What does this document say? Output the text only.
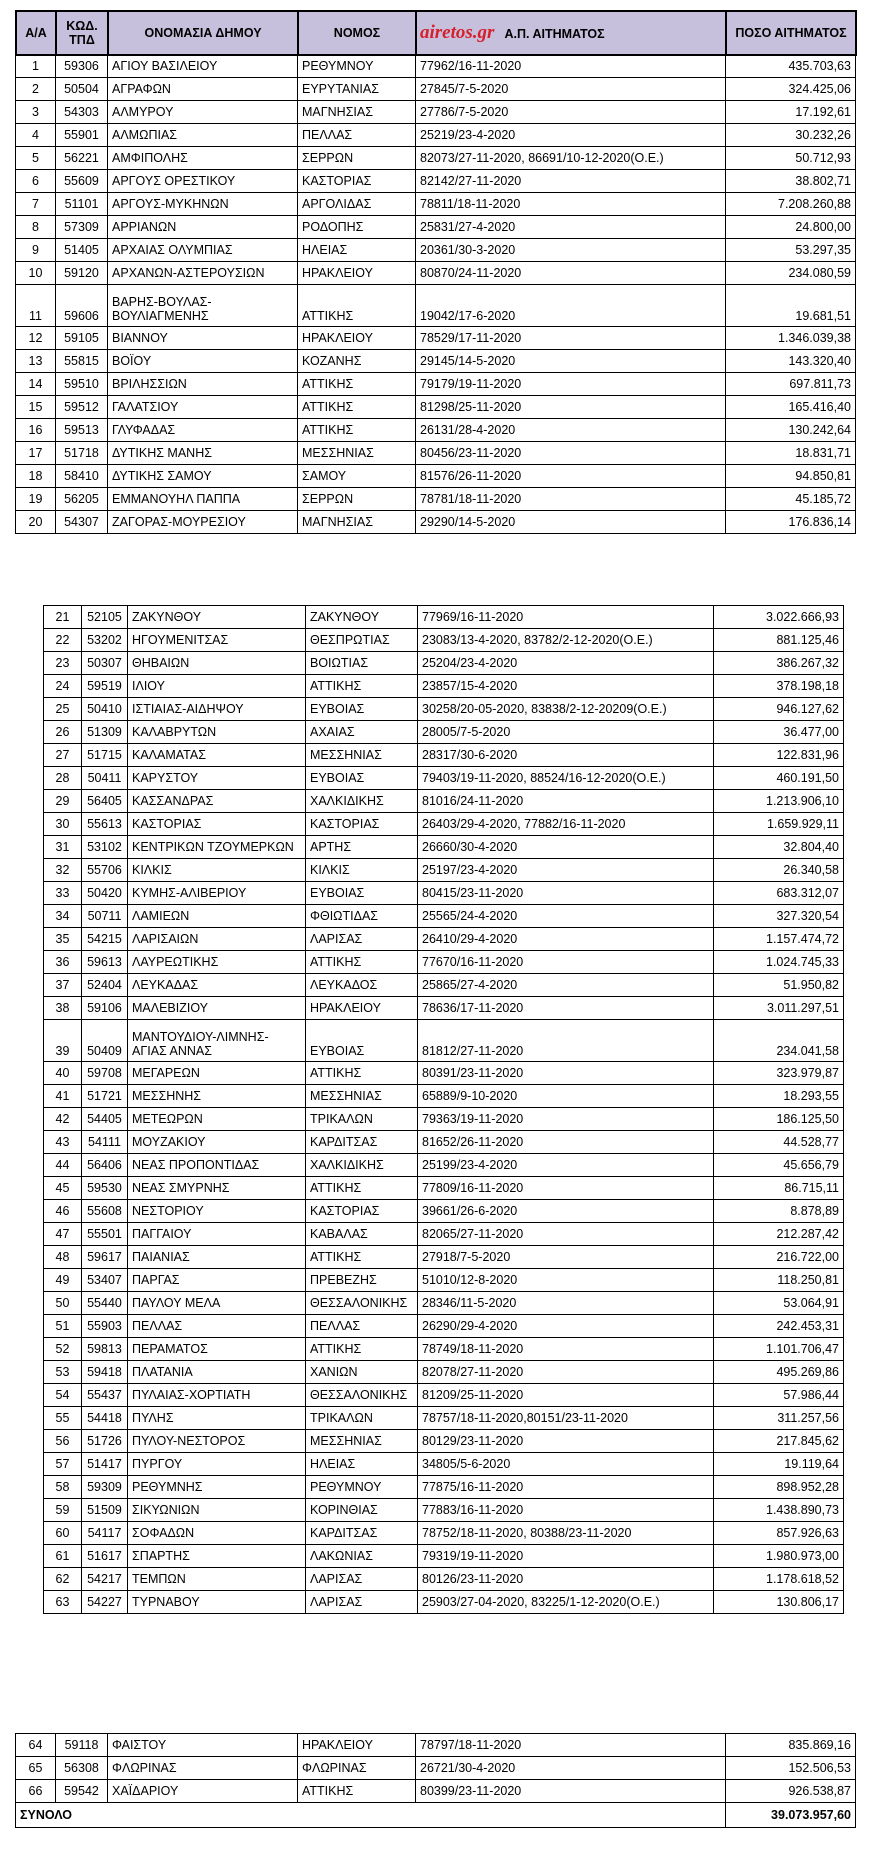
Α/Α	ΚΩΔ. ΤΠΔ	ΟΝΟΜΑΣΙΑ ΔΗΜΟΥ	ΝΟΜΟΣ	airetos.gr Α.Π. ΑΙΤΗΜΑΤΟΣ	ΠΟΣΟ ΑΙΤΗΜΑΤΟΣ
1	59306	ΑΓΙΟΥ ΒΑΣΙΛΕΙΟΥ	ΡΕΘΥΜΝΟΥ	77962/16-11-2020	435.703,63
2	50504	ΑΓΡΑΦΩΝ	ΕΥΡΥΤΑΝΙΑΣ	27845/7-5-2020	324.425,06
3	54303	ΑΛΜΥΡΟΥ	ΜΑΓΝΗΣΙΑΣ	27786/7-5-2020	17.192,61
4	55901	ΑΛΜΩΠΙΑΣ	ΠΕΛΛΑΣ	25219/23-4-2020	30.232,26
5	56221	ΑΜΦΙΠΟΛΗΣ	ΣΕΡΡΩΝ	82073/27-11-2020, 86691/10-12-2020(Ο.Ε.)	50.712,93
6	55609	ΑΡΓΟΥΣ ΟΡΕΣΤΙΚΟΥ	ΚΑΣΤΟΡΙΑΣ	82142/27-11-2020	38.802,71
7	51101	ΑΡΓΟΥΣ-ΜΥΚΗΝΩΝ	ΑΡΓΟΛΙΔΑΣ	78811/18-11-2020	7.208.260,88
8	57309	ΑΡΡΙΑΝΩΝ	ΡΟΔΟΠΗΣ	25831/27-4-2020	24.800,00
9	51405	ΑΡΧΑΙΑΣ ΟΛΥΜΠΙΑΣ	ΗΛΕΙΑΣ	20361/30-3-2020	53.297,35
10	59120	ΑΡΧΑΝΩΝ-ΑΣΤΕΡΟΥΣΙΩΝ	ΗΡΑΚΛΕΙΟΥ	80870/24-11-2020	234.080,59
11	59606	ΒΑΡΗΣ-ΒΟΥΛΑΣ-ΒΟΥΛΙΑΓΜΕΝΗΣ	ΑΤΤΙΚΗΣ	19042/17-6-2020	19.681,51
12	59105	ΒΙΑΝΝΟΥ	ΗΡΑΚΛΕΙΟΥ	78529/17-11-2020	1.346.039,38
13	55815	ΒΟΪΟΥ	ΚΟΖΑΝΗΣ	29145/14-5-2020	143.320,40
14	59510	ΒΡΙΛΗΣΣΙΩΝ	ΑΤΤΙΚΗΣ	79179/19-11-2020	697.811,73
15	59512	ΓΑΛΑΤΣΙΟΥ	ΑΤΤΙΚΗΣ	81298/25-11-2020	165.416,40
16	59513	ΓΛΥΦΑΔΑΣ	ΑΤΤΙΚΗΣ	26131/28-4-2020	130.242,64
17	51718	ΔΥΤΙΚΗΣ ΜΑΝΗΣ	ΜΕΣΣΗΝΙΑΣ	80456/23-11-2020	18.831,71
18	58410	ΔΥΤΙΚΗΣ ΣΑΜΟΥ	ΣΑΜΟΥ	81576/26-11-2020	94.850,81
19	56205	ΕΜΜΑΝΟΥΗΛ ΠΑΠΠΑ	ΣΕΡΡΩΝ	78781/18-11-2020	45.185,72
20	54307	ΖΑΓΟΡΑΣ-ΜΟΥΡΕΣΙΟΥ	ΜΑΓΝΗΣΙΑΣ	29290/14-5-2020	176.836,14
21	52105	ΖΑΚΥΝΘΟΥ	ΖΑΚΥΝΘΟΥ	77969/16-11-2020	3.022.666,93
22	53202	ΗΓΟΥΜΕΝΙΤΣΑΣ	ΘΕΣΠΡΩΤΙΑΣ	23083/13-4-2020, 83782/2-12-2020(Ο.Ε.)	881.125,46
23	50307	ΘΗΒΑΙΩΝ	ΒΟΙΩΤΙΑΣ	25204/23-4-2020	386.267,32
24	59519	ΙΛΙΟΥ	ΑΤΤΙΚΗΣ	23857/15-4-2020	378.198,18
25	50410	ΙΣΤΙΑΙΑΣ-ΑΙΔΗΨΟΥ	ΕΥΒΟΙΑΣ	30258/20-05-2020, 83838/2-12-20209(Ο.Ε.)	946.127,62
26	51309	ΚΑΛΑΒΡΥΤΩΝ	ΑΧΑΙΑΣ	28005/7-5-2020	36.477,00
27	51715	ΚΑΛΑΜΑΤΑΣ	ΜΕΣΣΗΝΙΑΣ	28317/30-6-2020	122.831,96
28	50411	ΚΑΡΥΣΤΟΥ	ΕΥΒΟΙΑΣ	79403/19-11-2020, 88524/16-12-2020(Ο.Ε.)	460.191,50
29	56405	ΚΑΣΣΑΝΔΡΑΣ	ΧΑΛΚΙΔΙΚΗΣ	81016/24-11-2020	1.213.906,10
30	55613	ΚΑΣΤΟΡΙΑΣ	ΚΑΣΤΟΡΙΑΣ	26403/29-4-2020, 77882/16-11-2020	1.659.929,11
31	53102	ΚΕΝΤΡΙΚΩΝ ΤΖΟΥΜΕΡΚΩΝ	ΑΡΤΗΣ	26660/30-4-2020	32.804,40
32	55706	ΚΙΛΚΙΣ	ΚΙΛΚΙΣ	25197/23-4-2020	26.340,58
33	50420	ΚΥΜΗΣ-ΑΛΙΒΕΡΙΟΥ	ΕΥΒΟΙΑΣ	80415/23-11-2020	683.312,07
34	50711	ΛΑΜΙΕΩΝ	ΦΘΙΩΤΙΔΑΣ	25565/24-4-2020	327.320,54
35	54215	ΛΑΡΙΣΑΙΩΝ	ΛΑΡΙΣΑΣ	26410/29-4-2020	1.157.474,72
36	59613	ΛΑΥΡΕΩΤΙΚΗΣ	ΑΤΤΙΚΗΣ	77670/16-11-2020	1.024.745,33
37	52404	ΛΕΥΚΑΔΑΣ	ΛΕΥΚΑΔΟΣ	25865/27-4-2020	51.950,82
38	59106	ΜΑΛΕΒΙΖΙΟΥ	ΗΡΑΚΛΕΙΟΥ	78636/17-11-2020	3.011.297,51
39	50409	ΜΑΝΤΟΥΔΙΟΥ-ΛΙΜΝΗΣ-ΑΓΙΑΣ ΑΝΝΑΣ	ΕΥΒΟΙΑΣ	81812/27-11-2020	234.041,58
40	59708	ΜΕΓΑΡΕΩΝ	ΑΤΤΙΚΗΣ	80391/23-11-2020	323.979,87
41	51721	ΜΕΣΣΗΝΗΣ	ΜΕΣΣΗΝΙΑΣ	65889/9-10-2020	18.293,55
42	54405	ΜΕΤΕΩΡΩΝ	ΤΡΙΚΑΛΩΝ	79363/19-11-2020	186.125,50
43	54111	ΜΟΥΖΑΚΙΟΥ	ΚΑΡΔΙΤΣΑΣ	81652/26-11-2020	44.528,77
44	56406	ΝΕΑΣ ΠΡΟΠΟΝΤΙΔΑΣ	ΧΑΛΚΙΔΙΚΗΣ	25199/23-4-2020	45.656,79
45	59530	ΝΕΑΣ ΣΜΥΡΝΗΣ	ΑΤΤΙΚΗΣ	77809/16-11-2020	86.715,11
46	55608	ΝΕΣΤΟΡΙΟΥ	ΚΑΣΤΟΡΙΑΣ	39661/26-6-2020	8.878,89
47	55501	ΠΑΓΓΑΙΟΥ	ΚΑΒΑΛΑΣ	82065/27-11-2020	212.287,42
48	59617	ΠΑΙΑΝΙΑΣ	ΑΤΤΙΚΗΣ	27918/7-5-2020	216.722,00
49	53407	ΠΑΡΓΑΣ	ΠΡΕΒΕΖΗΣ	51010/12-8-2020	118.250,81
50	55440	ΠΑΥΛΟΥ ΜΕΛΑ	ΘΕΣΣΑΛΟΝΙΚΗΣ	28346/11-5-2020	53.064,91
51	55903	ΠΕΛΛΑΣ	ΠΕΛΛΑΣ	26290/29-4-2020	242.453,31
52	59813	ΠΕΡΑΜΑΤΟΣ	ΑΤΤΙΚΗΣ	78749/18-11-2020	1.101.706,47
53	59418	ΠΛΑΤΑΝΙΑ	ΧΑΝΙΩΝ	82078/27-11-2020	495.269,86
54	55437	ΠΥΛΑΙΑΣ-ΧΟΡΤΙΑΤΗ	ΘΕΣΣΑΛΟΝΙΚΗΣ	81209/25-11-2020	57.986,44
55	54418	ΠΥΛΗΣ	ΤΡΙΚΑΛΩΝ	78757/18-11-2020,80151/23-11-2020	311.257,56
56	51726	ΠΥΛΟΥ-ΝΕΣΤΟΡΟΣ	ΜΕΣΣΗΝΙΑΣ	80129/23-11-2020	217.845,62
57	51417	ΠΥΡΓΟΥ	ΗΛΕΙΑΣ	34805/5-6-2020	19.119,64
58	59309	ΡΕΘΥΜΝΗΣ	ΡΕΘΥΜΝΟΥ	77875/16-11-2020	898.952,28
59	51509	ΣΙΚΥΩΝΙΩΝ	ΚΟΡΙΝΘΙΑΣ	77883/16-11-2020	1.438.890,73
60	54117	ΣΟΦΑΔΩΝ	ΚΑΡΔΙΤΣΑΣ	78752/18-11-2020, 80388/23-11-2020	857.926,63
61	51617	ΣΠΑΡΤΗΣ	ΛΑΚΩΝΙΑΣ	79319/19-11-2020	1.980.973,00
62	54217	ΤΕΜΠΩΝ	ΛΑΡΙΣΑΣ	80126/23-11-2020	1.178.618,52
63	54227	ΤΥΡΝΑΒΟΥ	ΛΑΡΙΣΑΣ	25903/27-04-2020, 83225/1-12-2020(Ο.Ε.)	130.806,17
64	59118	ΦΑΙΣΤΟΥ	ΗΡΑΚΛΕΙΟΥ	78797/18-11-2020	835.869,16
65	56308	ΦΛΩΡΙΝΑΣ	ΦΛΩΡΙΝΑΣ	26721/30-4-2020	152.506,53
66	59542	ΧΑΪΔΑΡΙΟΥ	ΑΤΤΙΚΗΣ	80399/23-11-2020	926.538,87
ΣΥΝΟΛΟ					39.073.957,60
